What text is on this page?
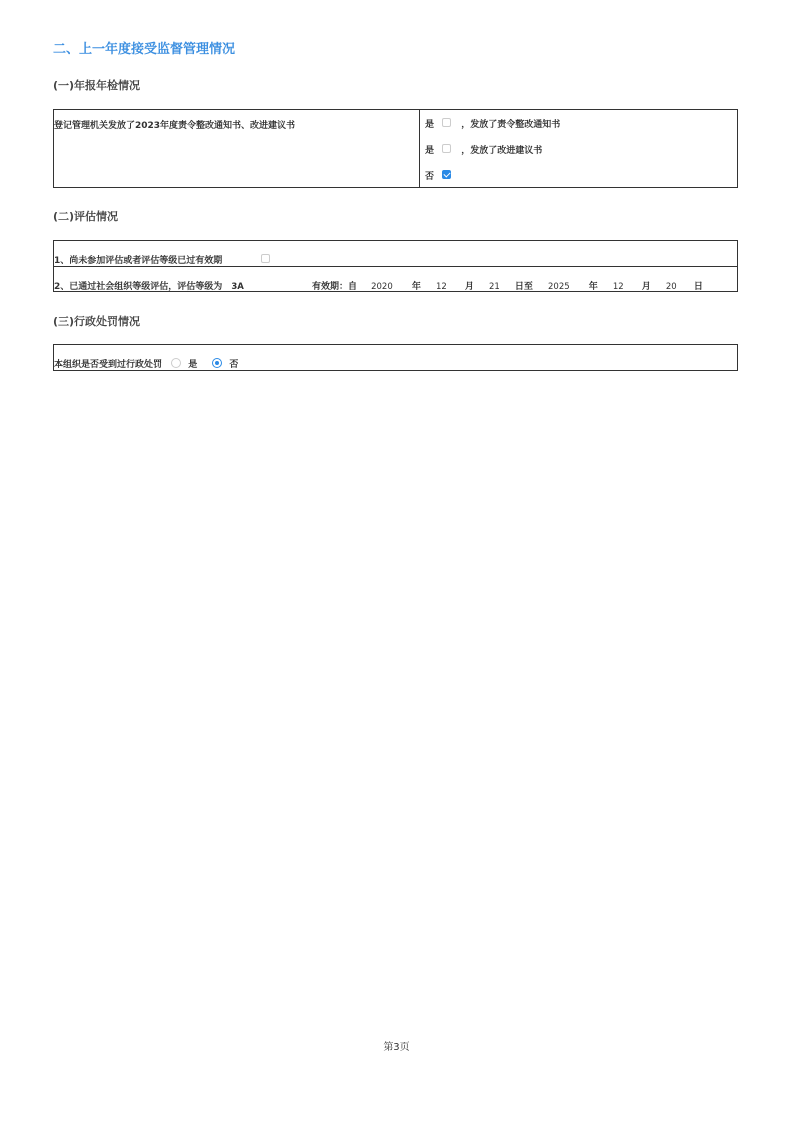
二、上一年度接受监督管理情况
(一)年报年检情况
登记管理机关发放了2023年度责令整改通知书、改进建议书	是	，发放了责令整改通知书
是	，发放了改进建议书
否
(二)评估情况
1、尚未参加评估或者评估等级已过有效期
2、已通过社会组织等级评估，评估等级为 3A	有效期：自 2020 年 12 月 21 日至 2025 年 12 月 20 日
(三)行政处罚情况
本组织是否受到过行政处罚	是	否
第3页
